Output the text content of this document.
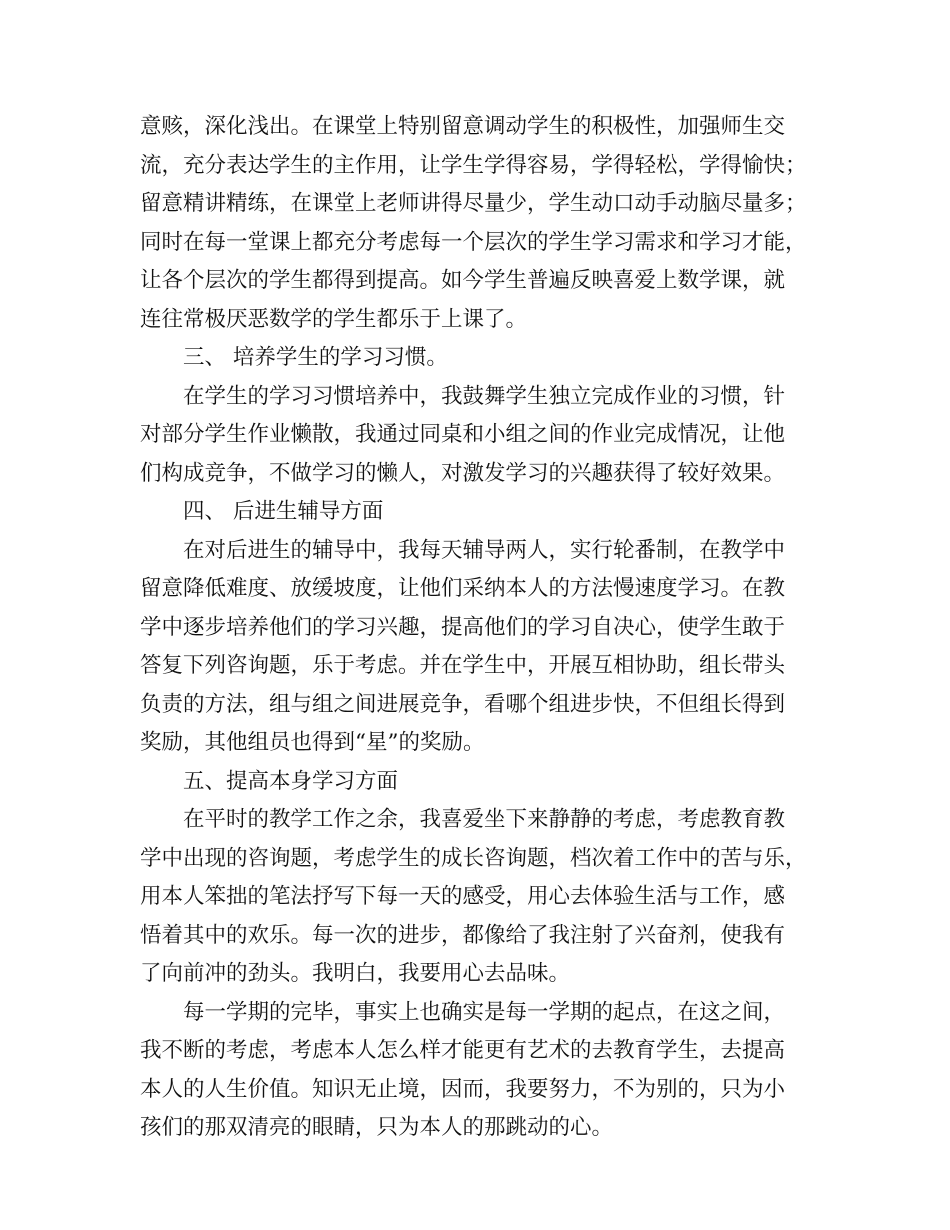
意赅，深化浅出。在课堂上特别留意调动学生的积极性，加强师生交
流，充分表达学生的主作用，让学生学得容易，学得轻松，学得愉快；
留意精讲精练，在课堂上老师讲得尽量少，学生动口动手动脑尽量多；
同时在每一堂课上都充分考虑每一个层次的学生学习需求和学习才能，
让各个层次的学生都得到提高。如今学生普遍反映喜爱上数学课，就
连往常极厌恶数学的学生都乐于上课了。
三、 培养学生的学习习惯。
在学生的学习习惯培养中，我鼓舞学生独立完成作业的习惯，针
对部分学生作业懒散，我通过同桌和小组之间的作业完成情况，让他
们构成竞争，不做学习的懒人，对激发学习的兴趣获得了较好效果。
四、 后进生辅导方面
在对后进生的辅导中，我每天辅导两人，实行轮番制，在教学中
留意降低难度、放缓坡度，让他们采纳本人的方法慢速度学习。在教
学中逐步培养他们的学习兴趣，提高他们的学习自决心，使学生敢于
答复下列咨询题，乐于考虑。并在学生中，开展互相协助，组长带头
负责的方法，组与组之间进展竞争，看哪个组进步快，不但组长得到
奖励，其他组员也得到“星”的奖励。
五、提高本身学习方面
在平时的教学工作之余，我喜爱坐下来静静的考虑，考虑教育教
学中出现的咨询题，考虑学生的成长咨询题，档次着工作中的苦与乐，
用本人笨拙的笔法抒写下每一天的感受，用心去体验生活与工作，感
悟着其中的欢乐。每一次的进步，都像给了我注射了兴奋剂，使我有
了向前冲的劲头。我明白，我要用心去品味。
每一学期的完毕，事实上也确实是每一学期的起点，在这之间，
我不断的考虑，考虑本人怎么样才能更有艺术的去教育学生，去提高
本人的人生价值。知识无止境，因而，我要努力，不为别的，只为小
孩们的那双清亮的眼睛，只为本人的那跳动的心。
